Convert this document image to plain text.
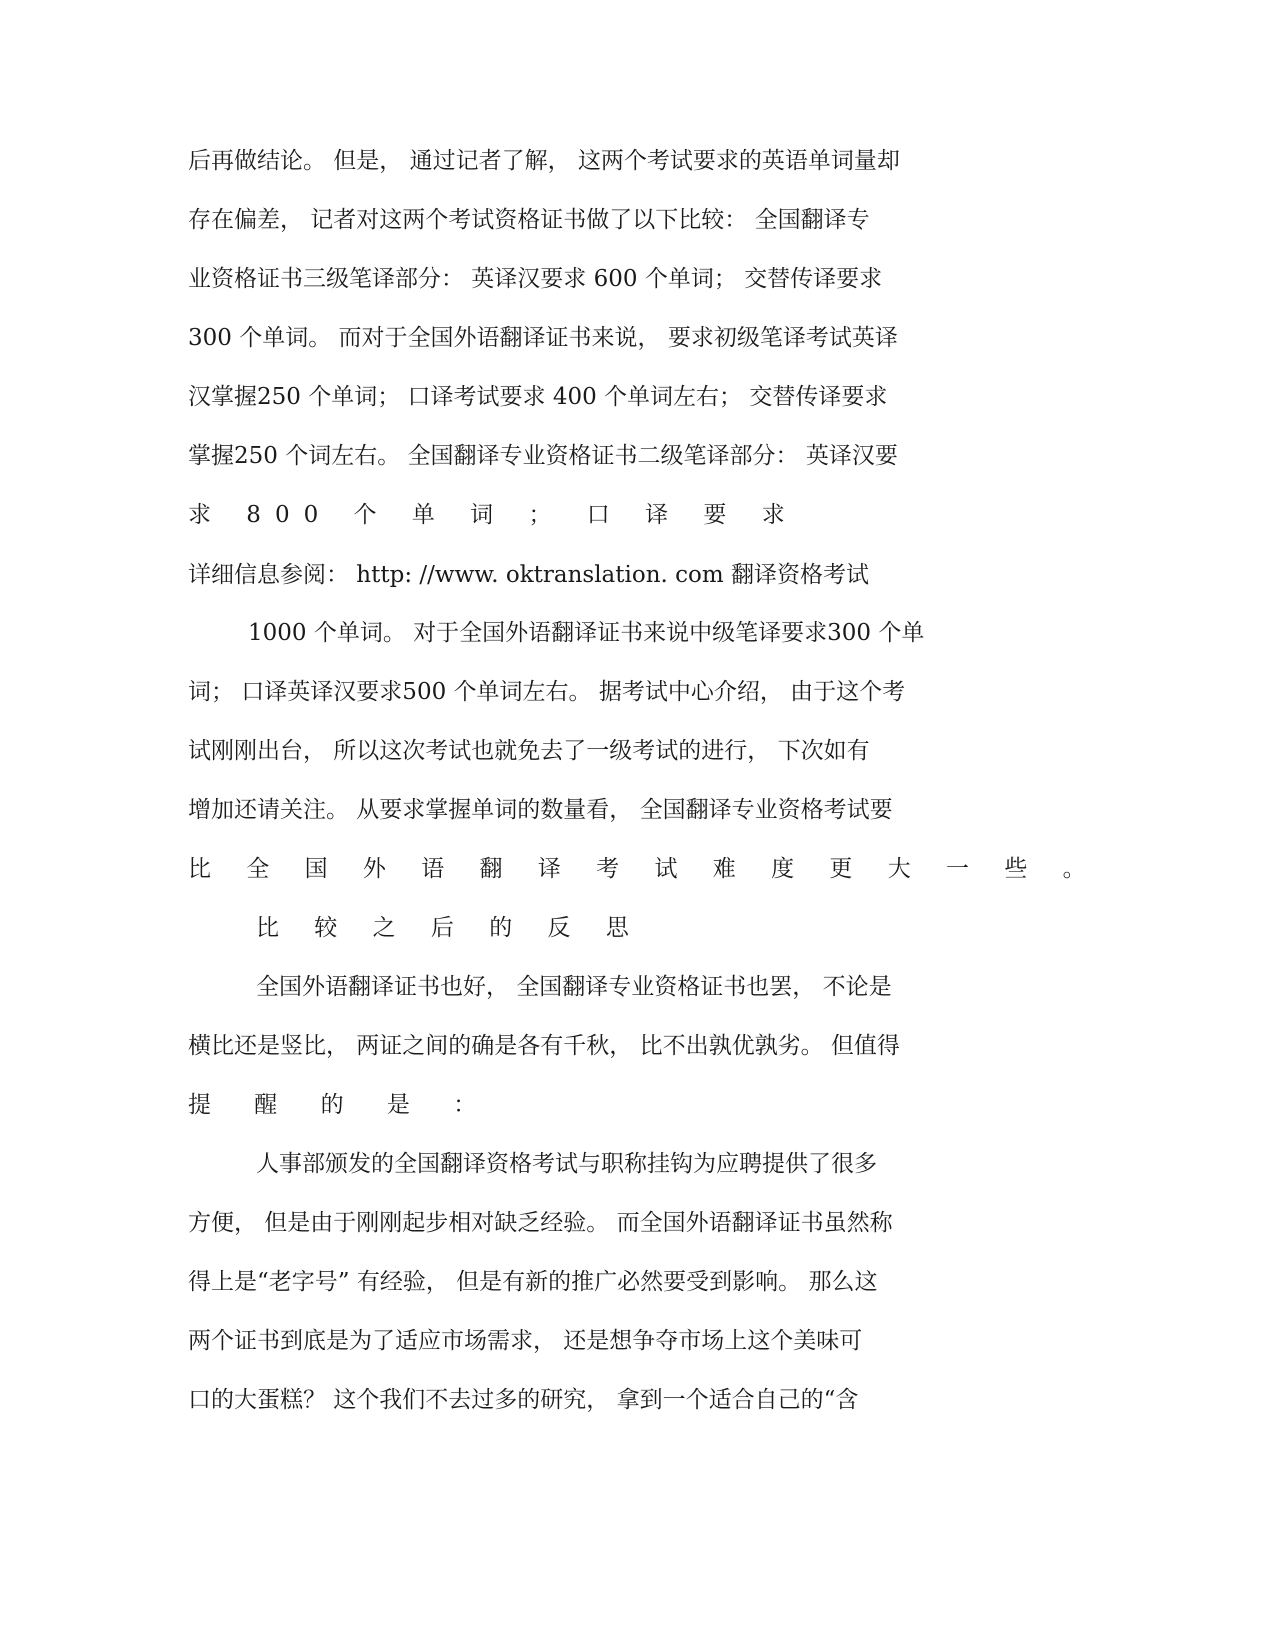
后再做结论。 但是， 通过记者了解， 这两个考试要求的英语单词量却
存在偏差， 记者对这两个考试资格证书做了以下比较： 全国翻译专
业资格证书三级笔译部分： 英译汉要求 600 个单词； 交替传译要求
300 个单词。 而对于全国外语翻译证书来说， 要求初级笔译考试英译
汉掌握250 个单词； 口译考试要求 400 个单词左右； 交替传译要求
掌握250 个词左右。 全国翻译专业资格证书二级笔译部分： 英译汉要
求 800 个 单 词 ； 口 译 要 求
详细信息参阅： http: //www. oktranslation. com 翻译资格考试
1000 个单词。 对于全国外语翻译证书来说中级笔译要求300 个单
词； 口译英译汉要求500 个单词左右。 据考试中心介绍， 由于这个考
试刚刚出台， 所以这次考试也就免去了一级考试的进行， 下次如有
增加还请关注。 从要求掌握单词的数量看， 全国翻译专业资格考试要
比 全 国 外 语 翻 译 考 试 难 度 更 大 一 些 。
比 较 之 后 的 反 思
全国外语翻译证书也好， 全国翻译专业资格证书也罢， 不论是
横比还是竖比， 两证之间的确是各有千秋， 比不出孰优孰劣。 但值得
提 醒 的 是 ：
人事部颁发的全国翻译资格考试与职称挂钩为应聘提供了很多
方便， 但是由于刚刚起步相对缺乏经验。 而全国外语翻译证书虽然称
得上是“老字号” 有经验， 但是有新的推广必然要受到影响。 那么这
两个证书到底是为了适应市场需求， 还是想争夺市场上这个美味可
口的大蛋糕？ 这个我们不去过多的研究， 拿到一个适合自己的“含
